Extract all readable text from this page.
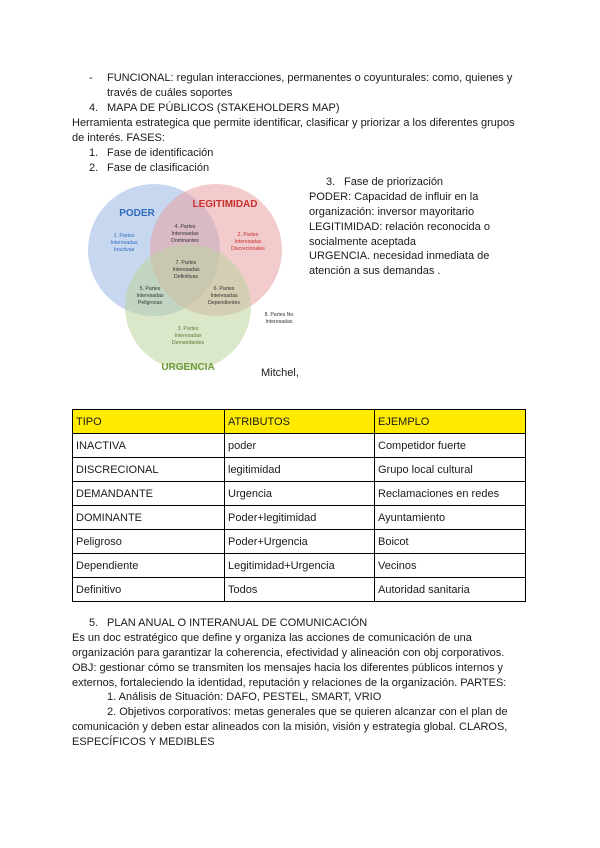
- FUNCIONAL: regulan interacciones, permanentes o coyunturales: como, quienes y
través de cuáles soportes
4. MAPA DE PÚBLICOS (STAKEHOLDERS MAP)
Herramienta estrategica que permite identificar, clasificar y priorizar a los diferentes grupos
de interés. FASES:
1. Fase de identificación
2. Fase de clasificación
3. Fase de priorización
PODER: Capacidad de influir en la
organización: inversor mayoritario
LEGITIMIDAD: relación reconocida o
socialmente aceptada
URGENCIA. necesidad inmediata de
atención a sus demandas .
PODER
LEGITIMIDAD
URGENCIA
1. Partes
Interesadas
Inactivas
2. Partes
Interesadas
Discrecionales
3. Partes
Interesadas
Demandantes
4. Partes
Interesadas
Dominantes
5. Partes
Interesadas
Peligrosas
6. Partes
Interesadas
Dependientes
7. Partes
Interesadas
Definitivas
8. Partes No
Interesadas
Mitchel,
TIPO	ATRIBUTOS	EJEMPLO
INACTIVA	poder	Competidor fuerte
DISCRECIONAL	legitimidad	Grupo local cultural
DEMANDANTE	Urgencia	Reclamaciones en redes
DOMINANTE	Poder+legitimidad	Ayuntamiento
Peligroso	Poder+Urgencia	Boicot
Dependiente	Legitimidad+Urgencia	Vecinos
Definitivo	Todos	Autoridad sanitaria
5. PLAN ANUAL O INTERANUAL DE COMUNICACIÓN
Es un doc estratégico que define y organiza las acciones de comunicación de una
organización para garantizar la coherencia, efectividad y alineación con obj corporativos.
OBJ: gestionar cómo se transmiten los mensajes hacia los diferentes públicos internos y
externos, fortaleciendo la identidad, reputación y relaciones de la organización. PARTES:
1. Análisis de Situación: DAFO, PESTEL, SMART, VRIO
2. Objetivos corporativos: metas generales que se quieren alcanzar con el plan de
comunicación y deben estar alineados con la misión, visión y estrategia global. CLAROS,
ESPECÍFICOS Y MEDIBLES
